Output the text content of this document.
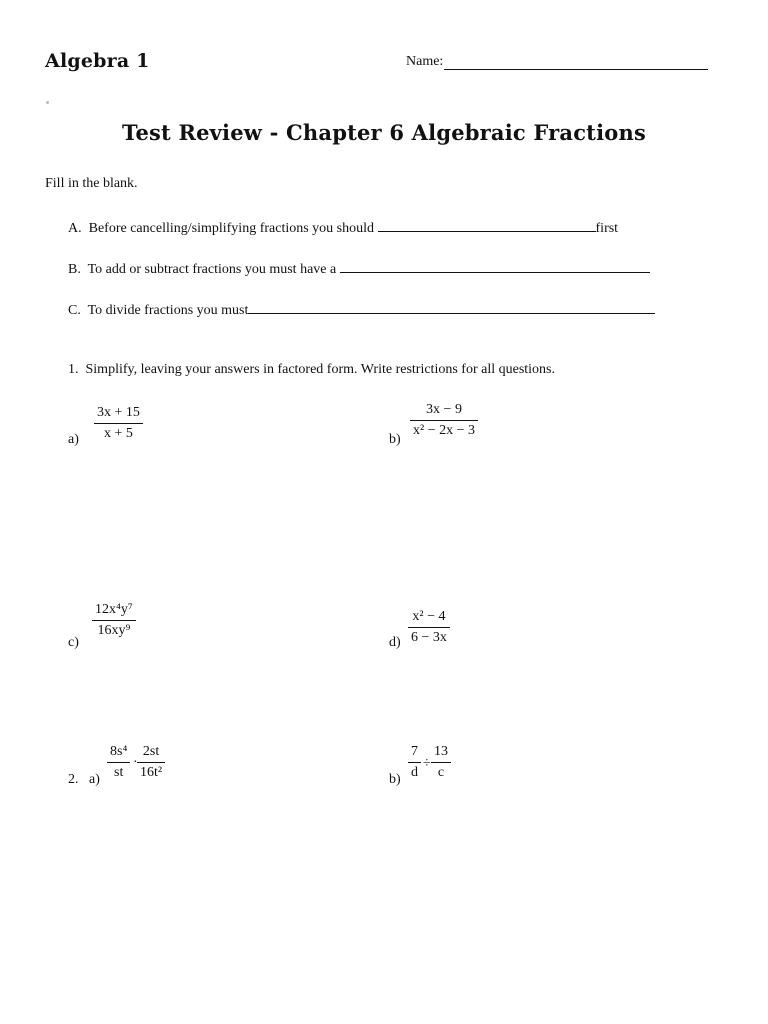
Algebra 1	Name:
Test Review - Chapter 6 Algebraic Fractions
Fill in the blank.
A. Before cancelling/simplifying fractions you should	first
B. To add or subtract fractions you must have a
C. To divide fractions you must
1. Simplify, leaving your answers in factored form. Write restrictions for all questions.
a)
3x + 15
x + 5	b)
3x − 9
x² − 2x − 3
c)
12x⁴y⁷
16xy⁹
d)
x² − 4
6 − 3x
2. a)
8s⁴
st
·
2st
16t²	b)
7
d
÷
13
c
